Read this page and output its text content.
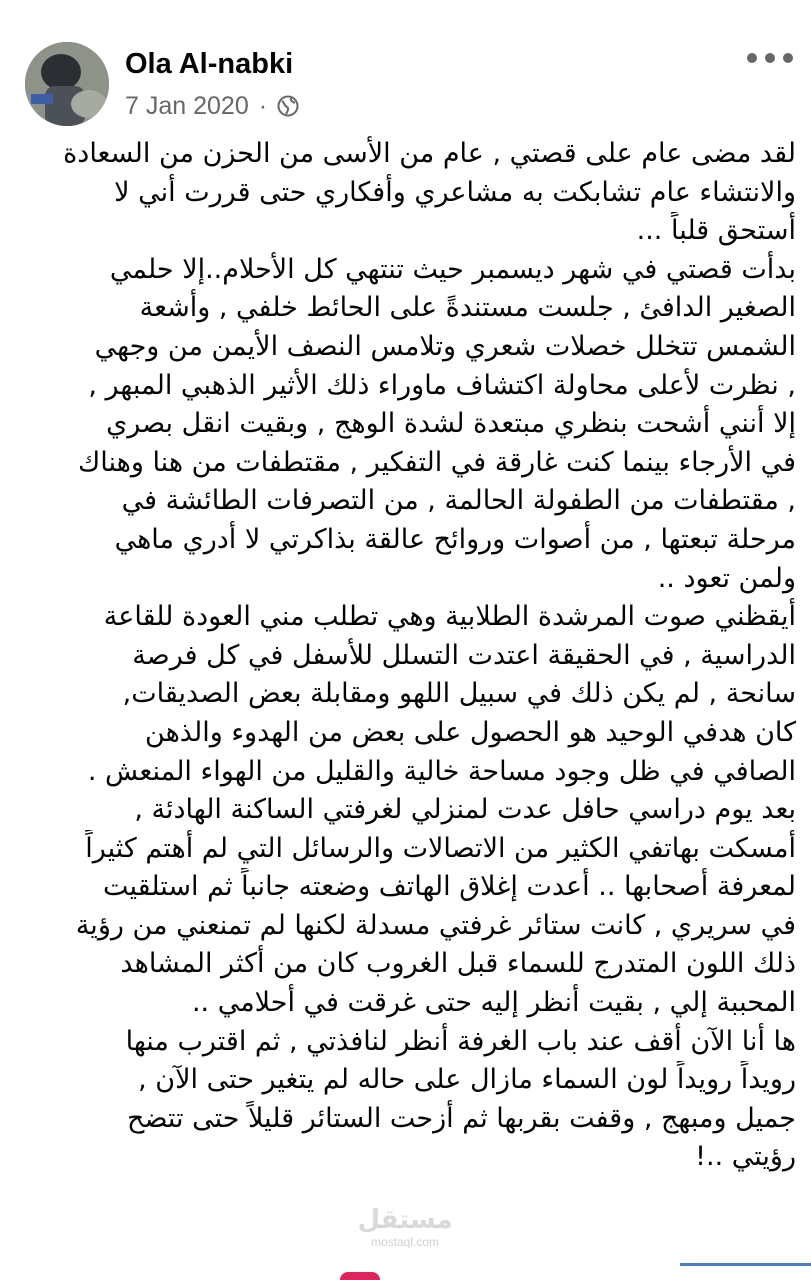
Ola Al-nabki
7 Jan 2020 ·
لقد مضى عام على قصتي , عام من الأسى من الحزن من السعادة
والانتشاء عام تشابكت به مشاعري وأفكاري حتى قررت أني لا
أستحق قلباً ...
بدأت قصتي في شهر ديسمبر حيث تنتهي كل الأحلام..إلا حلمي
الصغير الدافئ , جلست مستندةً على الحائط خلفي , وأشعة
الشمس تتخلل خصلات شعري وتلامس النصف الأيمن من وجهي
, نظرت لأعلى محاولة اكتشاف ماوراء ذلك الأثير الذهبي المبهر ,
إلا أنني أشحت بنظري مبتعدة لشدة الوهج , وبقيت انقل بصري
في الأرجاء بينما كنت غارقة في التفكير , مقتطفات من هنا وهناك
, مقتطفات من الطفولة الحالمة , من التصرفات الطائشة في
مرحلة تبعتها , من أصوات وروائح عالقة بذاكرتي لا أدري ماهي
ولمن تعود ..
أيقظني صوت المرشدة الطلابية وهي تطلب مني العودة للقاعة
الدراسية , في الحقيقة اعتدت التسلل للأسفل في كل فرصة
سانحة , لم يكن ذلك في سبيل اللهو ومقابلة بعض الصديقات,
كان هدفي الوحيد هو الحصول على بعض من الهدوء والذهن
الصافي في ظل وجود مساحة خالية والقليل من الهواء المنعش .
بعد يوم دراسي حافل عدت لمنزلي لغرفتي الساكنة الهادئة ,
أمسكت بهاتفي الكثير من الاتصالات والرسائل التي لم أهتم كثيراً
لمعرفة أصحابها .. أعدت إغلاق الهاتف وضعته جانباً ثم استلقيت
في سريري , كانت ستائر غرفتي مسدلة لكنها لم تمنعني من رؤية
ذلك اللون المتدرج للسماء قبل الغروب كان من أكثر المشاهد
المحببة إلي , بقيت أنظر إليه حتى غرقت في أحلامي ..
ها أنا الآن أقف عند باب الغرفة أنظر لنافذتي , ثم اقترب منها
رويداً رويداً لون السماء مازال على حاله لم يتغير حتى الآن ,
جميل ومبهج , وقفت بقربها ثم أزحت الستائر قليلاً حتى تتضح
رؤيتي ..!
مستقل
mostaql.com
